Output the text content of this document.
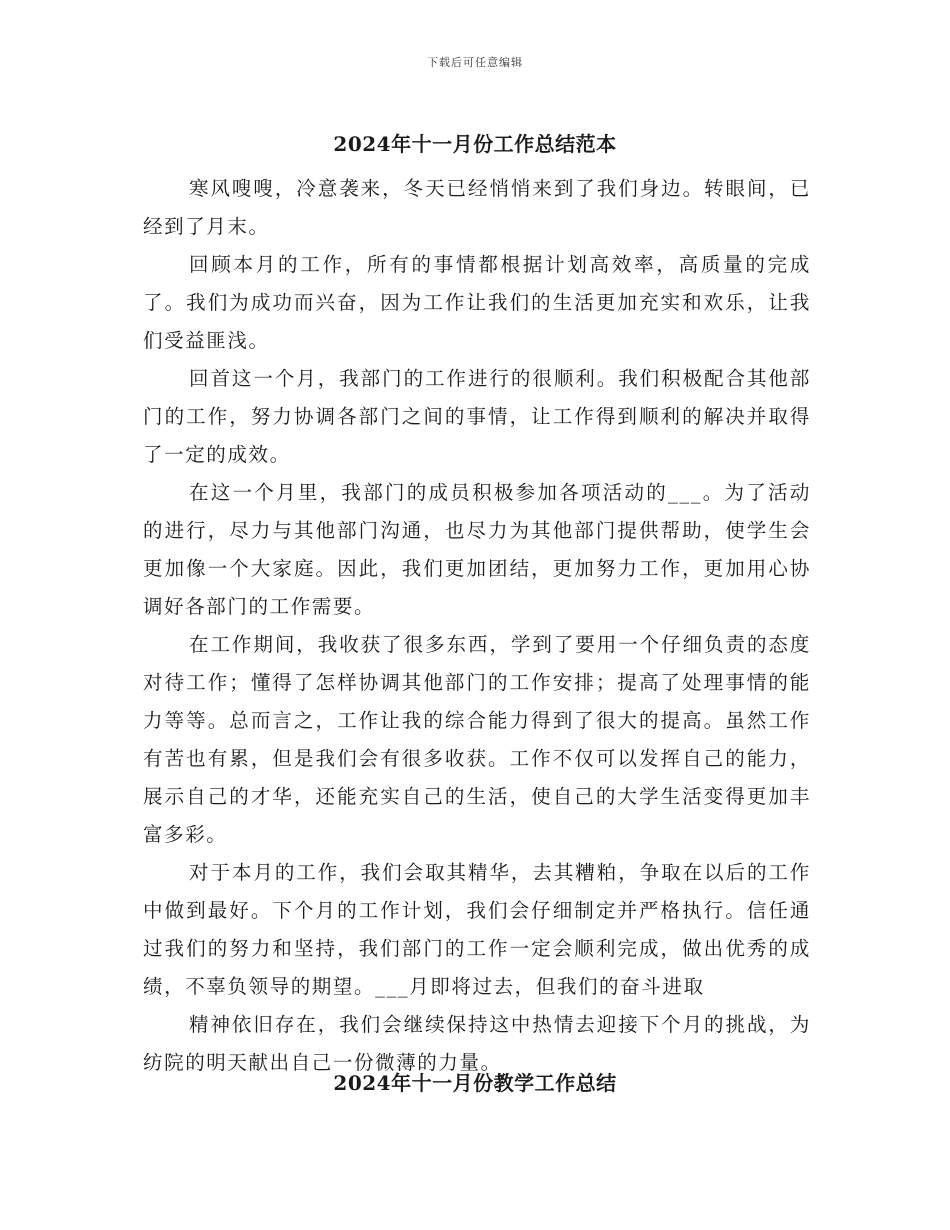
下载后可任意编辑
2024年十一月份工作总结范本

寒风嗖嗖，冷意袭来，冬天已经悄悄来到了我们身边。转眼间，已经到了月末。

回顾本月的工作，所有的事情都根据计划高效率，高质量的完成了。我们为成功而兴奋，因为工作让我们的生活更加充实和欢乐，让我们受益匪浅。

回首这一个月，我部门的工作进行的很顺利。我们积极配合其他部门的工作，努力协调各部门之间的事情，让工作得到顺利的解决并取得了一定的成效。

在这一个月里，我部门的成员积极参加各项活动的___。为了活动的进行，尽力与其他部门沟通，也尽力为其他部门提供帮助，使学生会更加像一个大家庭。因此，我们更加团结，更加努力工作，更加用心协调好各部门的工作需要。

在工作期间，我收获了很多东西，学到了要用一个仔细负责的态度对待工作；懂得了怎样协调其他部门的工作安排；提高了处理事情的能力等等。总而言之，工作让我的综合能力得到了很大的提高。虽然工作有苦也有累，但是我们会有很多收获。工作不仅可以发挥自己的能力，展示自己的才华，还能充实自己的生活，使自己的大学生活变得更加丰富多彩。

对于本月的工作，我们会取其精华，去其糟粕，争取在以后的工作中做到最好。下个月的工作计划，我们会仔细制定并严格执行。信任通过我们的努力和坚持，我们部门的工作一定会顺利完成，做出优秀的成绩，不辜负领导的期望。___月即将过去，但我们的奋斗进取

精神依旧存在，我们会继续保持这中热情去迎接下个月的挑战，为纺院的明天献出自己一份微薄的力量。

2024年十一月份教学工作总结
